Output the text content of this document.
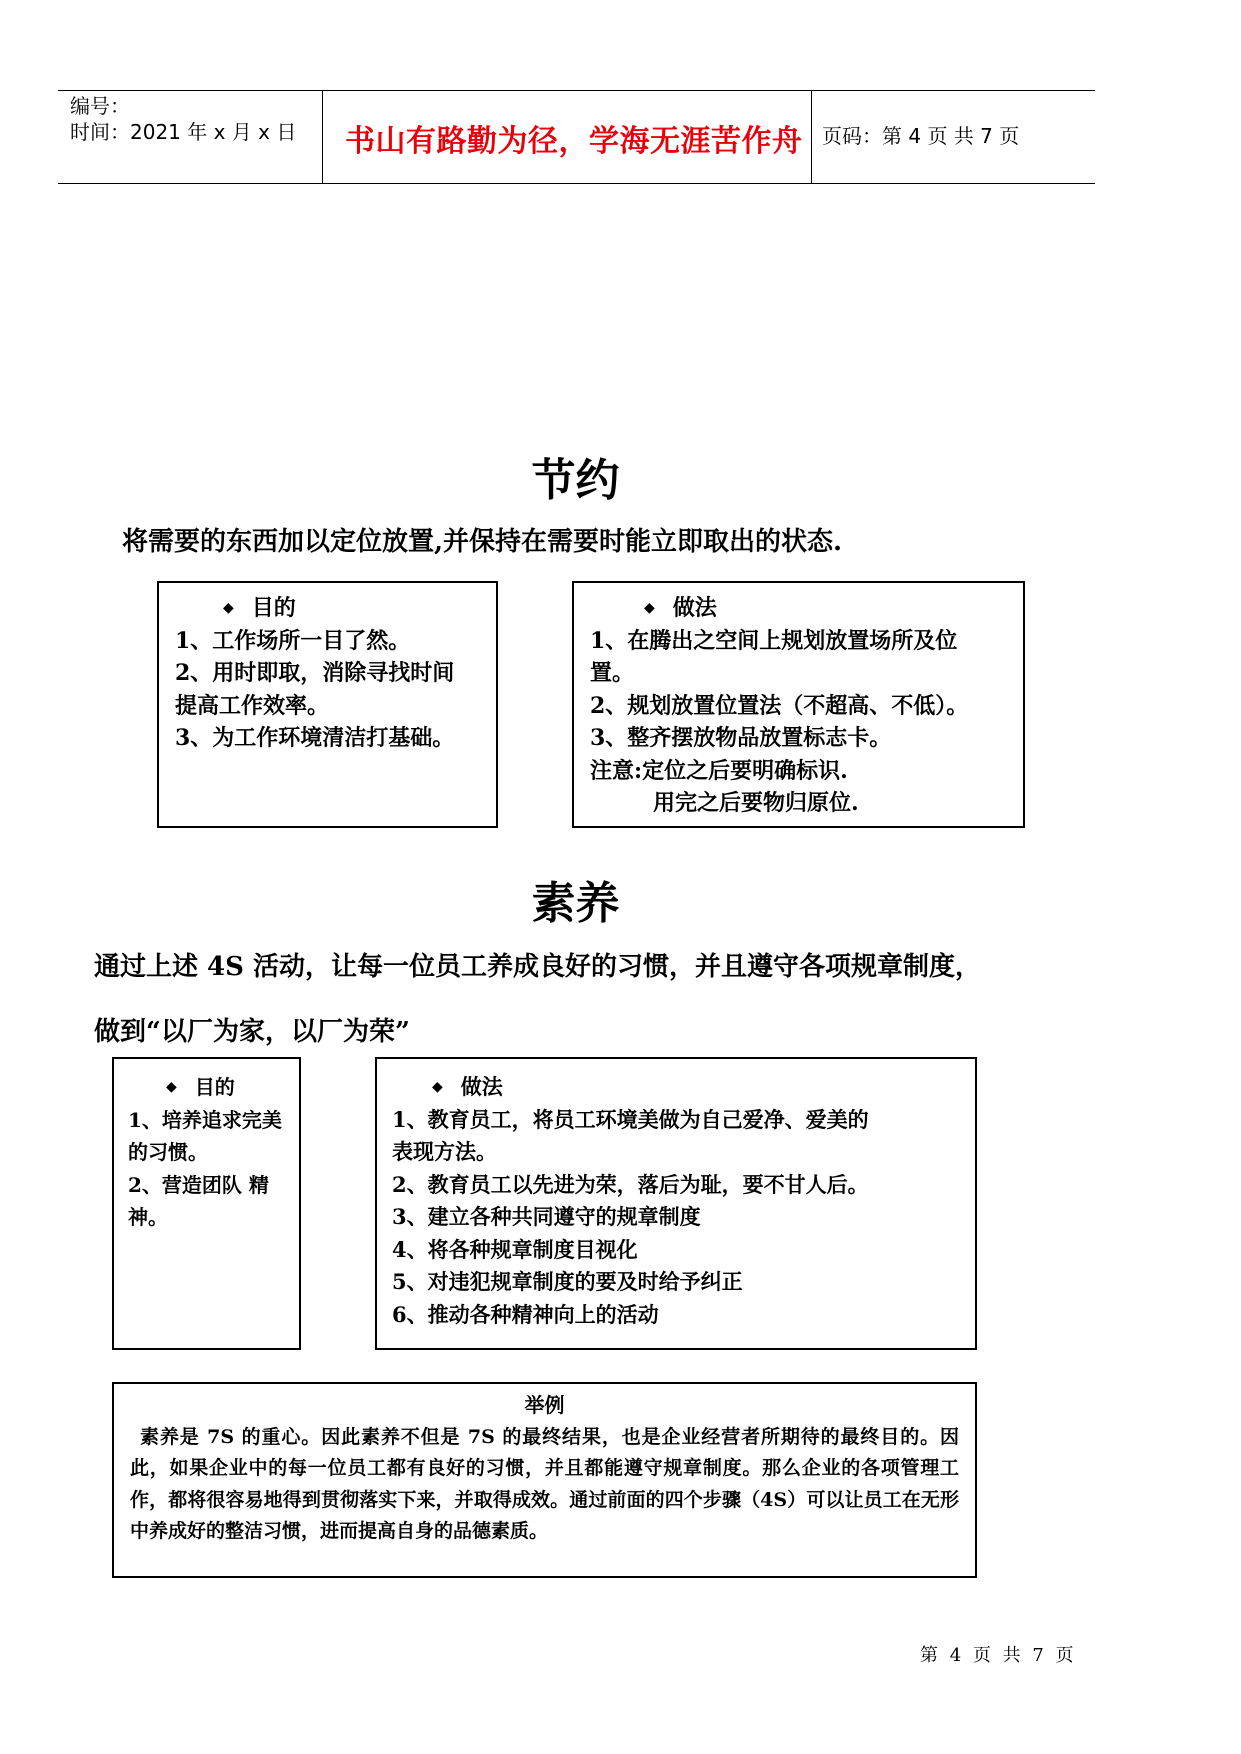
编号：
时间：2021 年 x 月 x 日 书山有路勤为径，学海无涯苦作舟 页码：第 4 页 共 7 页
节约
将需要的东西加以定位放置,并保持在需要时能立即取出的状态.
◆ 目的
1、工作场所一目了然。
2、用时即取，消除寻找时间
提高工作效率。
3、为工作环境清洁打基础。
◆ 做法
1、在腾出之空间上规划放置场所及位
置。
2、规划放置位置法（不超高、不低）。
3、整齐摆放物品放置标志卡。
注意:定位之后要明确标识.
用完之后要物归原位.
素养
通过上述 4S 活动，让每一位员工养成良好的习惯，并且遵守各项规章制度，
做到“以厂为家，以厂为荣”
◆ 目的
1、培养追求完美
的习惯。
2、营造团队 精
神。
◆ 做法
1、教育员工，将员工环境美做为自己爱净、爱美的
表现方法。
2、教育员工以先进为荣，落后为耻，要不甘人后。
3、建立各种共同遵守的规章制度
4、将各种规章制度目视化
5、对违犯规章制度的要及时给予纠正
6、推动各种精神向上的活动
举例
素养是 7S 的重心。因此素养不但是 7S 的最终结果，也是企业经营者所期待的最终目的。因此，如果企业中的每一位员工都有良好的习惯，并且都能遵守规章制度。那么企业的各项管理工作，都将很容易地得到贯彻落实下来，并取得成效。通过前面的四个步骤（4S）可以让员工在无形中养成好的整洁习惯，进而提高自身的品德素质。
第 4 页 共 7 页
